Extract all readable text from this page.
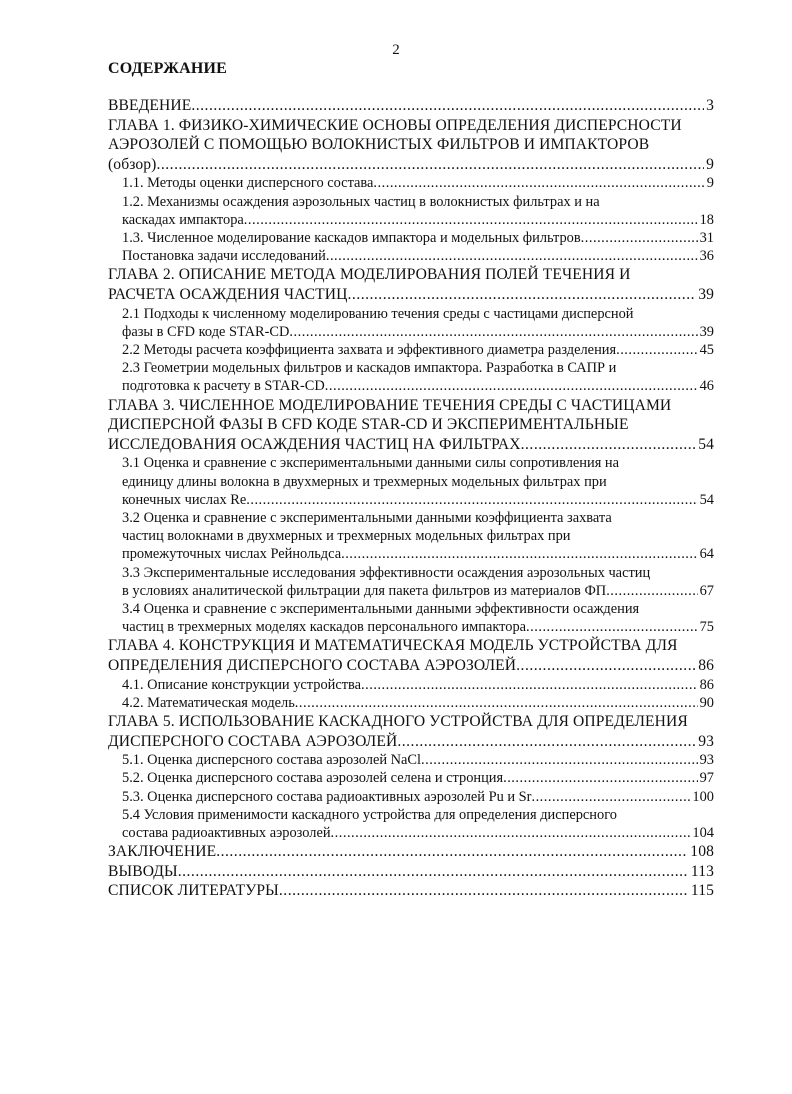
2
СОДЕРЖАНИЕ
ВВЕДЕНИЕ .....	3
ГЛАВА 1. ФИЗИКО-ХИМИЧЕСКИЕ ОСНОВЫ ОПРЕДЕЛЕНИЯ ДИСПЕРСНОСТИ
АЭРОЗОЛЕЙ С ПОМОЩЬЮ ВОЛОКНИСТЫХ ФИЛЬТРОВ И ИМПАКТОРОВ
(обзор) .....	9
1.1. Методы оценки дисперсного состава .....	9
1.2. Механизмы осаждения аэрозольных частиц в волокнистых фильтрах и на
каскадах импактора .....	18
1.3. Численное моделирование каскадов импактора и модельных фильтров .....	31
Постановка задачи исследований .....	36
ГЛАВА 2. ОПИСАНИЕ МЕТОДА МОДЕЛИРОВАНИЯ ПОЛЕЙ ТЕЧЕНИЯ И
РАСЧЕТА ОСАЖДЕНИЯ ЧАСТИЦ .....	39
2.1 Подходы к численному моделированию течения среды с частицами дисперсной
фазы в CFD коде STAR-CD .....	39
2.2 Методы расчета коэффициента захвата и эффективного диаметра разделения .....	45
2.3 Геометрии модельных фильтров и каскадов импактора. Разработка в САПР и
подготовка к расчету в STAR-CD .....	46
ГЛАВА 3. ЧИСЛЕННОЕ МОДЕЛИРОВАНИЕ ТЕЧЕНИЯ СРЕДЫ С ЧАСТИЦАМИ
ДИСПЕРСНОЙ ФАЗЫ В CFD КОДЕ STAR-CD И ЭКСПЕРИМЕНТАЛЬНЫЕ
ИССЛЕДОВАНИЯ ОСАЖДЕНИЯ ЧАСТИЦ НА ФИЛЬТРАХ .....	54
3.1 Оценка и сравнение с экспериментальными данными силы сопротивления на
единицу длины волокна в двухмерных и трехмерных модельных фильтрах при
конечных числах Re .....	54
3.2 Оценка и сравнение с экспериментальными данными коэффициента захвата
частиц волокнами в двухмерных и трехмерных модельных фильтрах при
промежуточных числах Рейнольдса .....	64
3.3 Экспериментальные исследования эффективности осаждения аэрозольных частиц
в условиях аналитической фильтрации для пакета фильтров из материалов ФП .....	67
3.4 Оценка и сравнение с экспериментальными данными эффективности осаждения
частиц в трехмерных моделях каскадов персонального импактора .....	75
ГЛАВА 4. КОНСТРУКЦИЯ И МАТЕМАТИЧЕСКАЯ МОДЕЛЬ УСТРОЙСТВА ДЛЯ
ОПРЕДЕЛЕНИЯ ДИСПЕРСНОГО СОСТАВА АЭРОЗОЛЕЙ .....	86
4.1. Описание конструкции устройства .....	86
4.2. Математическая модель .....	90
ГЛАВА 5. ИСПОЛЬЗОВАНИЕ КАСКАДНОГО УСТРОЙСТВА ДЛЯ ОПРЕДЕЛЕНИЯ
ДИСПЕРСНОГО СОСТАВА АЭРОЗОЛЕЙ .....	93
5.1. Оценка дисперсного состава аэрозолей NaCl .....	93
5.2. Оценка дисперсного состава аэрозолей селена и стронция .....	97
5.3. Оценка дисперсного состава радиоактивных аэрозолей Pu и Sr .....	100
5.4 Условия применимости каскадного устройства для определения дисперсного
состава радиоактивных аэрозолей .....	104
ЗАКЛЮЧЕНИЕ .....	108
ВЫВОДЫ .....	113
СПИСОК ЛИТЕРАТУРЫ .....	115
